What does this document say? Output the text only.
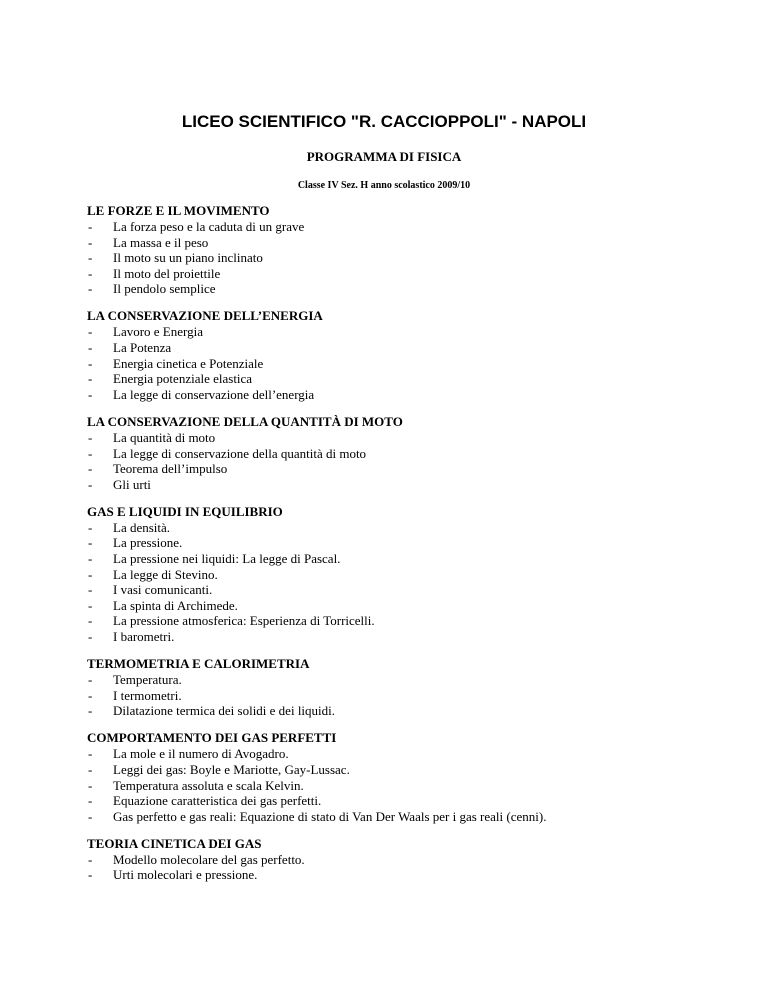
LICEO SCIENTIFICO "R. CACCIOPPOLI" - NAPOLI
PROGRAMMA DI FISICA
Classe IV Sez. H anno scolastico 2009/10
LE FORZE E IL MOVIMENTO
- La forza peso e la caduta di un grave
- La massa e il peso
- Il moto su un piano inclinato
- Il moto del proiettile
- Il pendolo semplice
LA CONSERVAZIONE DELL’ENERGIA
- Lavoro e Energia
- La Potenza
- Energia cinetica e Potenziale
- Energia potenziale elastica
- La legge di conservazione dell’energia
LA CONSERVAZIONE DELLA QUANTITÀ DI MOTO
- La quantità di moto
- La legge di conservazione della quantità di moto
- Teorema dell’impulso
- Gli urti
GAS E LIQUIDI IN EQUILIBRIO
- La densità.
- La pressione.
- La pressione nei liquidi: La legge di Pascal.
- La legge di Stevino.
- I vasi comunicanti.
- La spinta di Archimede.
- La pressione atmosferica: Esperienza di Torricelli.
- I barometri.
TERMOMETRIA E CALORIMETRIA
- Temperatura.
- I termometri.
- Dilatazione termica dei solidi e dei liquidi.
COMPORTAMENTO DEI GAS PERFETTI
- La mole e il numero di Avogadro.
- Leggi dei gas: Boyle e Mariotte, Gay-Lussac.
- Temperatura assoluta e scala Kelvin.
- Equazione caratteristica dei gas perfetti.
- Gas perfetto e gas reali: Equazione di stato di Van Der Waals per i gas reali (cenni).
TEORIA CINETICA DEI GAS
- Modello molecolare del gas perfetto.
- Urti molecolari e pressione.
